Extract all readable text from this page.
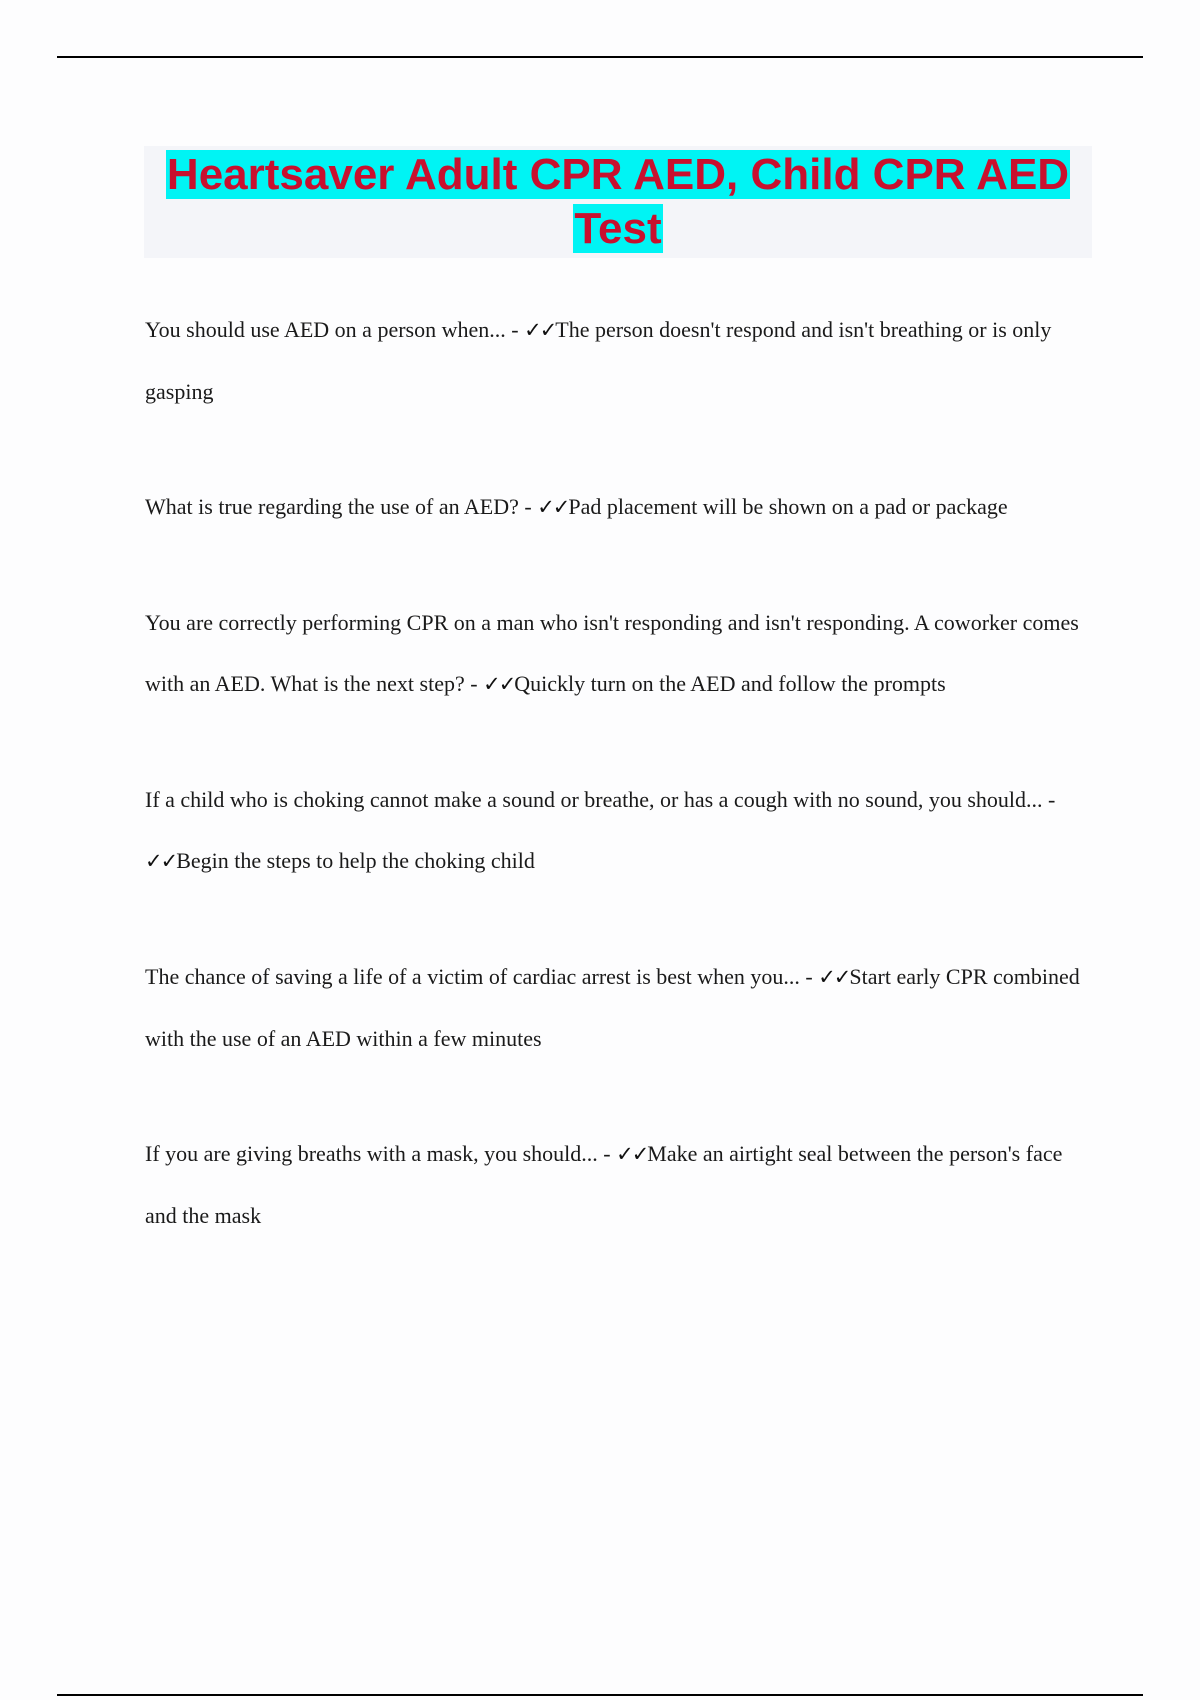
Heartsaver Adult CPR AED, Child CPR AED Test

You should use AED on a person when... - ✓✓The person doesn't respond and isn't breathing or is only gasping

What is true regarding the use of an AED? - ✓✓Pad placement will be shown on a pad or package

You are correctly performing CPR on a man who isn't responding and isn't responding. A coworker comes with an AED. What is the next step? - ✓✓Quickly turn on the AED and follow the prompts

If a child who is choking cannot make a sound or breathe, or has a cough with no sound, you should... - ✓✓Begin the steps to help the choking child

The chance of saving a life of a victim of cardiac arrest is best when you... - ✓✓Start early CPR combined with the use of an AED within a few minutes

If you are giving breaths with a mask, you should... - ✓✓Make an airtight seal between the person's face and the mask
